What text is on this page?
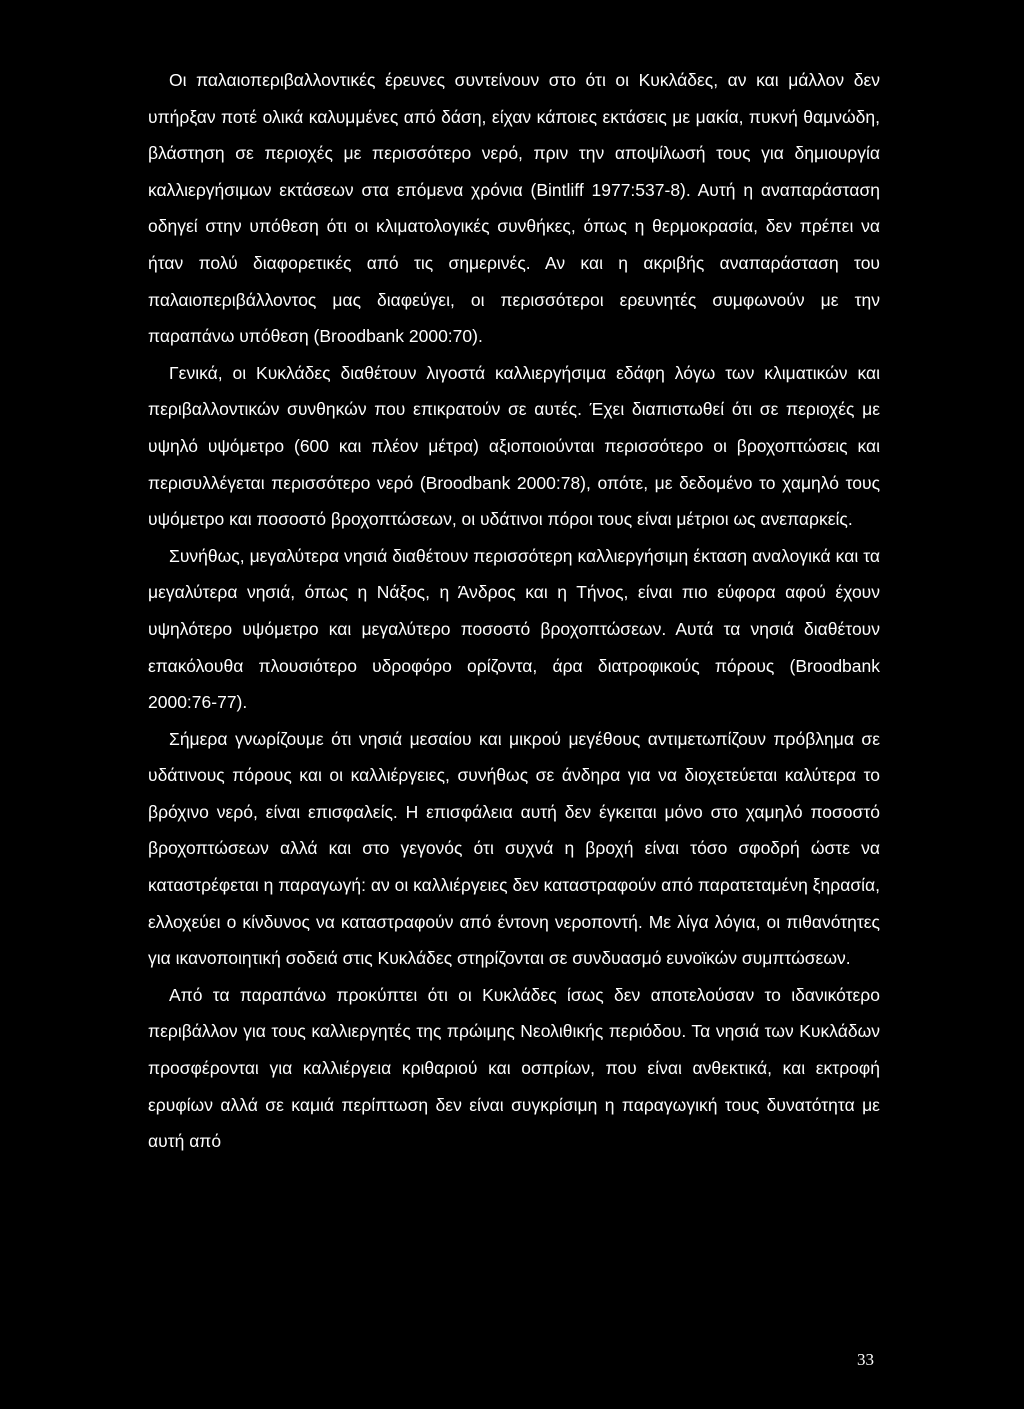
Οι παλαιοπεριβαλλοντικές έρευνες συντείνουν στο ότι οι Κυκλάδες, αν και μάλλον δεν υπήρξαν ποτέ ολικά καλυμμένες από δάση, είχαν κάποιες εκτάσεις με μακία, πυκνή θαμνώδη, βλάστηση σε περιοχές με περισσότερο νερό, πριν την αποψίλωσή τους για δημιουργία καλλιεργήσιμων εκτάσεων στα επόμενα χρόνια (Bintliff 1977:537-8). Αυτή η αναπαράσταση οδηγεί στην υπόθεση ότι οι κλιματολογικές συνθήκες, όπως η θερμοκρασία, δεν πρέπει να ήταν πολύ διαφορετικές από τις σημερινές. Αν και η ακριβής αναπαράσταση του παλαιοπεριβάλλοντος μας διαφεύγει, οι περισσότεροι ερευνητές συμφωνούν με την παραπάνω υπόθεση (Broodbank 2000:70).

Γενικά, οι Κυκλάδες διαθέτουν λιγοστά καλλιεργήσιμα εδάφη λόγω των κλιματικών και περιβαλλοντικών συνθηκών που επικρατούν σε αυτές. Έχει διαπιστωθεί ότι σε περιοχές με υψηλό υψόμετρο (600 και πλέον μέτρα) αξιοποιούνται περισσότερο οι βροχοπτώσεις και περισυλλέγεται περισσότερο νερό (Broodbank 2000:78), οπότε, με δεδομένο το χαμηλό τους υψόμετρο και ποσοστό βροχοπτώσεων, οι υδάτινοι πόροι τους είναι μέτριοι ως ανεπαρκείς.

Συνήθως, μεγαλύτερα νησιά διαθέτουν περισσότερη καλλιεργήσιμη έκταση αναλογικά και τα μεγαλύτερα νησιά, όπως η Νάξος, η Άνδρος και η Τήνος, είναι πιο εύφορα αφού έχουν υψηλότερο υψόμετρο και μεγαλύτερο ποσοστό βροχοπτώσεων. Αυτά τα νησιά διαθέτουν επακόλουθα πλουσιότερο υδροφόρο ορίζοντα, άρα διατροφικούς πόρους (Broodbank 2000:76-77).

Σήμερα γνωρίζουμε ότι νησιά μεσαίου και μικρού μεγέθους αντιμετωπίζουν πρόβλημα σε υδάτινους πόρους και οι καλλιέργειες, συνήθως σε άνδηρα για να διοχετεύεται καλύτερα το βρόχινο νερό, είναι επισφαλείς. Η επισφάλεια αυτή δεν έγκειται μόνο στο χαμηλό ποσοστό βροχοπτώσεων αλλά και στο γεγονός ότι συχνά η βροχή είναι τόσο σφοδρή ώστε να καταστρέφεται η παραγωγή: αν οι καλλιέργειες δεν καταστραφούν από παρατεταμένη ξηρασία, ελλοχεύει ο κίνδυνος να καταστραφούν από έντονη νεροποντή. Με λίγα λόγια, οι πιθανότητες για ικανοποιητική σοδειά στις Κυκλάδες στηρίζονται σε συνδυασμό ευνοϊκών συμπτώσεων.

Από τα παραπάνω προκύπτει ότι οι Κυκλάδες ίσως δεν αποτελούσαν το ιδανικότερο περιβάλλον για τους καλλιεργητές της πρώιμης Νεολιθικής περιόδου. Τα νησιά των Κυκλάδων προσφέρονται για καλλιέργεια κριθαριού και οσπρίων, που είναι ανθεκτικά, και εκτροφή ερυφίων αλλά σε καμιά περίπτωση δεν είναι συγκρίσιμη η παραγωγική τους δυνατότητα με αυτή από

33
